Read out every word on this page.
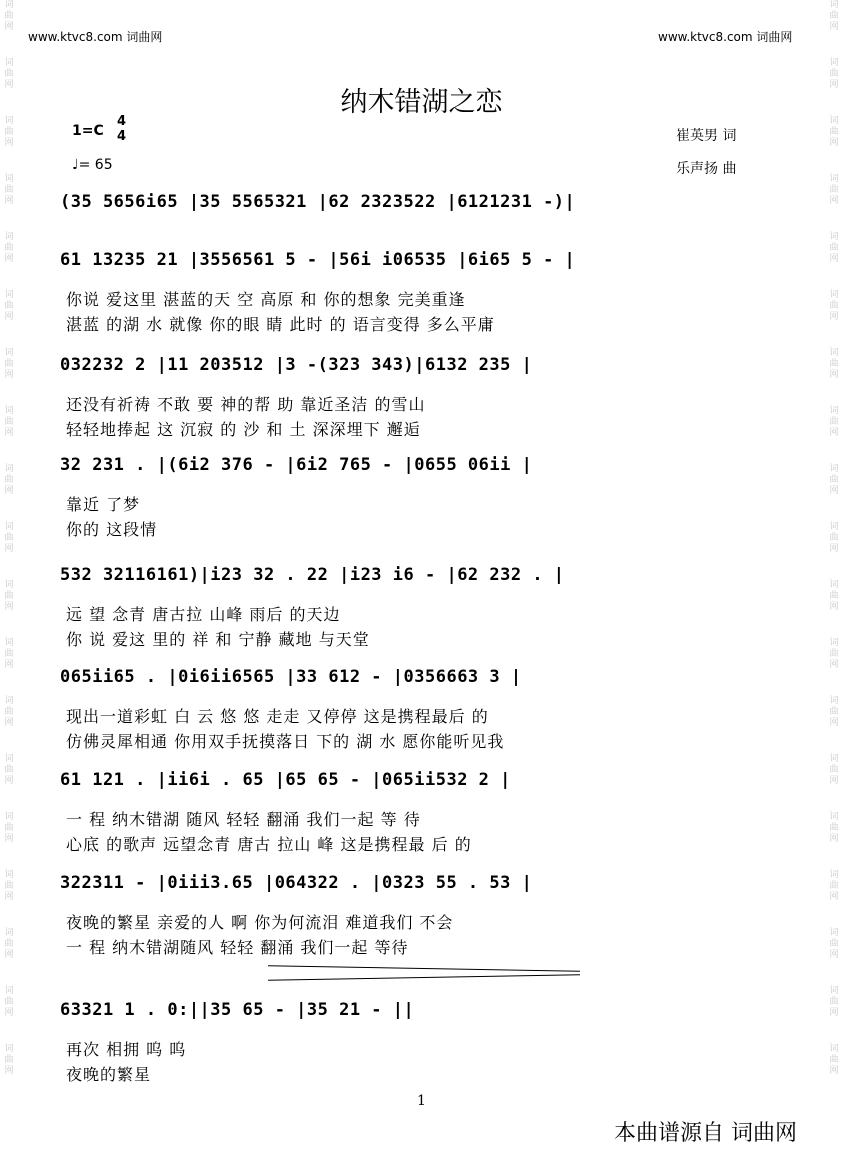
词
曲
网
词
曲
网
词
曲
网
词
曲
网
词
曲
网
词
曲
网
词
曲
网
词
曲
网
词
曲
网
词
曲
网
词
曲
网
词
曲
网
词
曲
网
词
曲
网
词
曲
网
词
曲
网
词
曲
网
词
曲
网
词
曲
网
词
曲
网
词
曲
网
词
曲
网
词
曲
网
词
曲
网
词
曲
网
词
曲
网
词
曲
网
词
曲
网
词
曲
网
词
曲
网
词
曲
网
词
曲
网
词
曲
网
词
曲
网
词
曲
网
词
曲
网
词
曲
网
词
曲
网
www.ktvc8.com 词曲网	www.ktvc8.com 词曲网
纳木错湖之恋
1=C
4
4
♩= 65
崔英男 词
乐声扬 曲
(35 5656i65 |35 5565321 |62 2323522 |6121231 -)|
61 13235 21 |3556561 5 - |56i i06535 |6i65 5 - |
你说 爱这里 湛蓝的天 空 高原 和 你的想象 完美重逢
湛蓝 的湖 水 就像 你的眼 睛 此时 的 语言变得 多么平庸
032232 2 |11 203512 |3 -(323 343)|6132 235 |
还没有祈祷 不敢 要 神的帮 助 靠近圣洁 的雪山
轻轻地捧起 这 沉寂 的 沙 和 土 深深埋下 邂逅
32 231 . |(6i2 376 - |6i2 765 - |0655 06ii |
靠近 了梦
你的 这段情
532 32116161)|i23 32 . 22 |i23 i6 - |62 232 . |
远 望 念青 唐古拉 山峰 雨后 的天边
你 说 爱这 里的 祥 和 宁静 藏地 与天堂
065ii65 . |0i6ii6565 |33 612 - |0356663 3 |
现出一道彩虹 白 云 悠 悠 走走 又停停 这是携程最后 的
仿佛灵犀相通 你用双手抚摸落日 下的 湖 水 愿你能听见我
61 121 . |ii6i . 65 |65 65 - |065ii532 2 |
一 程 纳木错湖 随风 轻轻 翻涌 我们一起 等 待
心底 的歌声 远望念青 唐古 拉山 峰 这是携程最 后 的
322311 - |0iii3.65 |064322 . |0323 55 . 53 |
夜晚的繁星 亲爱的人 啊 你为何流泪 难道我们 不会
一 程 纳木错湖随风 轻轻 翻涌 我们一起 等待
63321 1 . 0:||35 65 - |35 21 - ||
再次 相拥 呜 呜
夜晚的繁星
1
本曲谱源自 词曲网
